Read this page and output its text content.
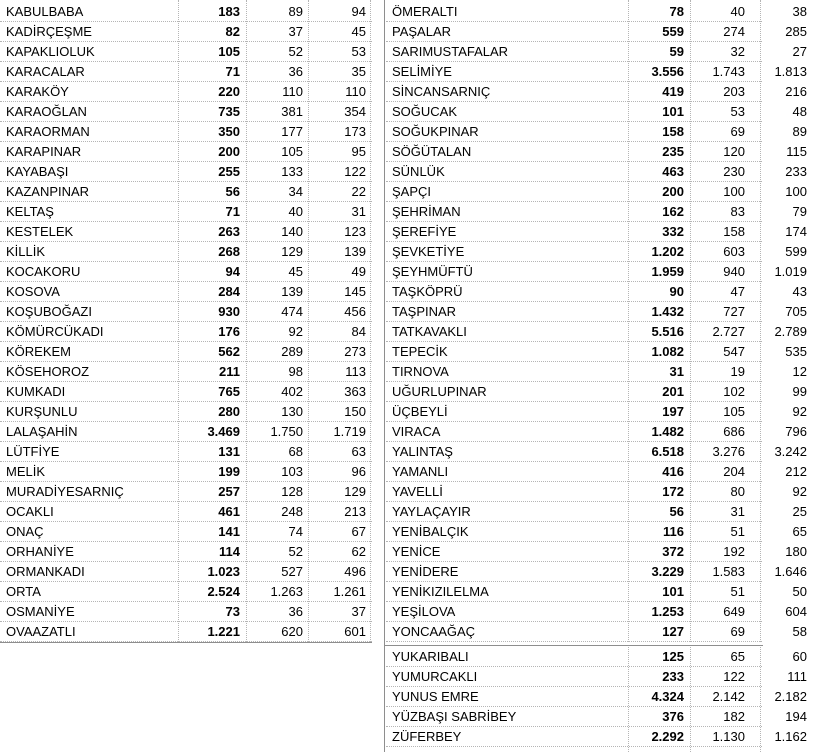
KABULBABA	183	89	94
KADİRÇEŞME	82	37	45
KAPAKLIOLUK	105	52	53
KARACALAR	71	36	35
KARAKÖY	220	110	110
KARAOĞLAN	735	381	354
KARAORMAN	350	177	173
KARAPINAR	200	105	95
KAYABAŞI	255	133	122
KAZANPINAR	56	34	22
KELTAŞ	71	40	31
KESTELEK	263	140	123
KİLLİK	268	129	139
KOCAKORU	94	45	49
KOSOVA	284	139	145
KOŞUBOĞAZI	930	474	456
KÖMÜRCÜKADI	176	92	84
KÖREKEM	562	289	273
KÖSEHOROZ	211	98	113
KUMKADI	765	402	363
KURŞUNLU	280	130	150
LALAŞAHİN	3.469	1.750	1.719
LÜTFİYE	131	68	63
MELİK	199	103	96
MURADİYESARNIÇ	257	128	129
OCAKLI	461	248	213
ONAÇ	141	74	67
ORHANİYE	114	52	62
ORMANKADI	1.023	527	496
ORTA	2.524	1.263	1.261
OSMANİYE	73	36	37
OVAAZATLI	1.221	620	601
ÖMERALTI	78	40	38
PAŞALAR	559	274	285
SARIMUSTAFALAR	59	32	27
SELİMİYE	3.556	1.743	1.813
SİNCANSARNIÇ	419	203	216
SOĞUCAK	101	53	48
SOĞUKPINAR	158	69	89
SÖĞÜTALAN	235	120	115
SÜNLÜK	463	230	233
ŞAPÇI	200	100	100
ŞEHRİMAN	162	83	79
ŞEREFİYE	332	158	174
ŞEVKETİYE	1.202	603	599
ŞEYHMÜFTÜ	1.959	940	1.019
TAŞKÖPRÜ	90	47	43
TAŞPINAR	1.432	727	705
TATKAVAKLI	5.516	2.727	2.789
TEPECİK	1.082	547	535
TIRNOVA	31	19	12
UĞURLUPINAR	201	102	99
ÜÇBEYLİ	197	105	92
VIRACA	1.482	686	796
YALINTAŞ	6.518	3.276	3.242
YAMANLI	416	204	212
YAVELLİ	172	80	92
YAYLAÇAYIR	56	31	25
YENİBALÇIK	116	51	65
YENİCE	372	192	180
YENİDERE	3.229	1.583	1.646
YENİKIZILELMA	101	51	50
YEŞİLOVA	1.253	649	604
YONCAAĞAÇ	127	69	58
YUKARIBALI	125	65	60
YUMURCAKLI	233	122	111
YUNUS EMRE	4.324	2.142	2.182
YÜZBAŞI SABRİBEY	376	182	194
ZÜFERBEY	2.292	1.130	1.162
